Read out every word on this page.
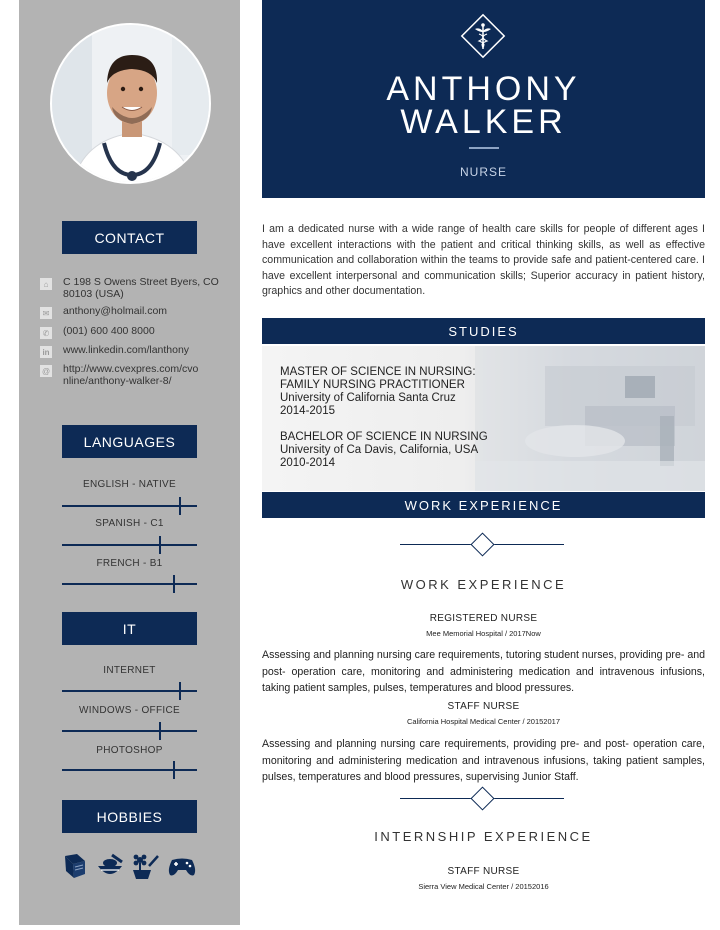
CONTACT
⌂	C 198 S Owens Street Byers, CO 80103 (USA)
✉ anthony@holmail.com
✆ (001) 600 400 8000
in www.linkedin.com/lanthony
@ http://www.cvexpres.com/cvo nline/anthony-walker-8/
LANGUAGES
ENGLISH - NATIVE
SPANISH - C1
FRENCH - B1
IT
INTERNET
WINDOWS - OFFICE
PHOTOSHOP
HOBBIES
ANTHONY
WALKER
NURSE
I am a dedicated nurse with a wide range of health care skills for people of different ages I have excellent interactions with the patient and critical thinking skills, as well as effective communication and collaboration within the teams to provide safe and patient-centered care. I have excellent interpersonal and communication skills; Superior accuracy in patient history, graphics and other documentation.
STUDIES
MASTER OF SCIENCE IN NURSING:
FAMILY NURSING PRACTITIONER
University of California Santa Cruz
2014-2015
BACHELOR OF SCIENCE IN NURSING
University of Ca Davis, California, USA
2010-2014
WORK EXPERIENCE
WORK EXPERIENCE
REGISTERED NURSE
Mee Memorial Hospital / 2017Now
Assessing and planning nursing care requirements, tutoring student nurses, providing pre- and post- operation care, monitoring and administering medication and intravenous infusions, taking patient samples, pulses, temperatures and blood pressures.
STAFF NURSE
California Hospital Medical Center / 20152017
Assessing and planning nursing care requirements, providing pre- and post- operation care, monitoring and administering medication and intravenous infusions, taking patient samples, pulses, temperatures and blood pressures, supervising Junior Staff.
INTERNSHIP EXPERIENCE
STAFF NURSE
Sierra View Medical Center / 20152016
